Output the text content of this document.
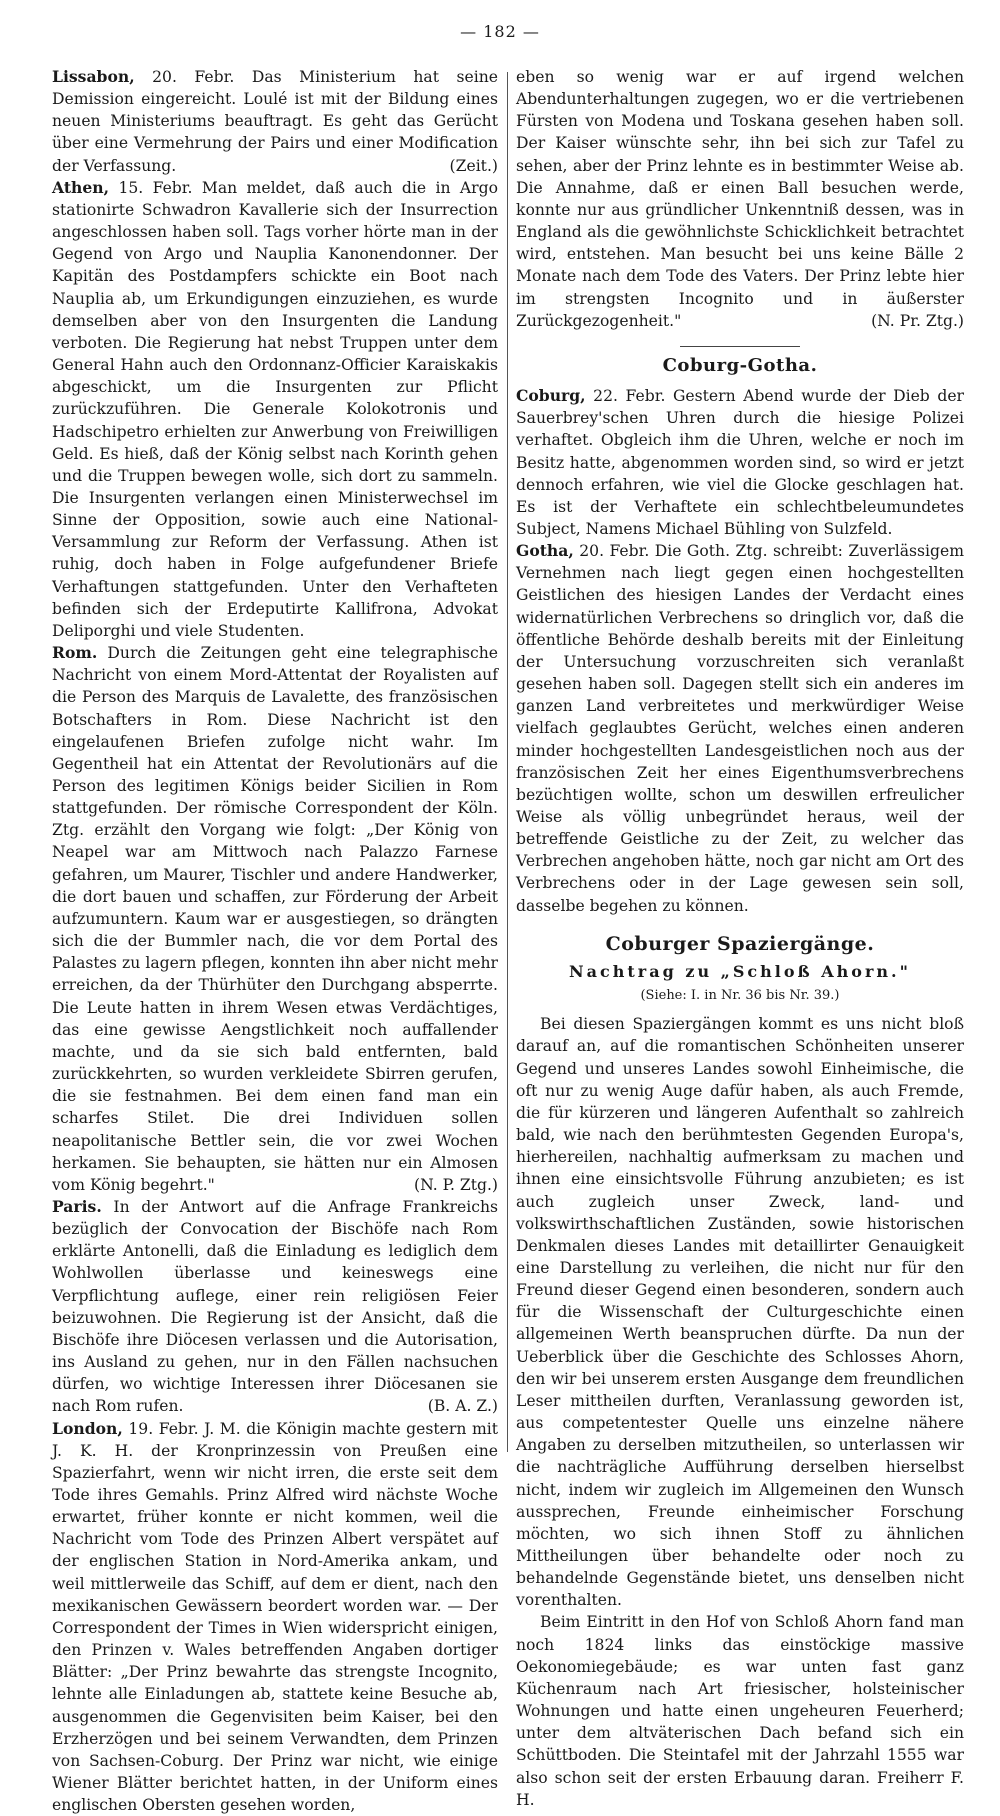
— 182 —

Lissabon, 20. Febr. Das Ministerium hat seine Demission eingereicht. Loulé ist mit der Bildung eines neuen Ministeriums beauftragt. Es geht das Gerücht über eine Vermehrung der Pairs und einer Modification der Verfassung.	(Zeit.)

Athen, 15. Febr. Man meldet, daß auch die in Argo stationirte Schwadron Kavallerie sich der Insurrection angeschlossen haben soll. Tags vorher hörte man in der Gegend von Argo und Nauplia Kanonendonner. Der Kapitän des Postdampfers schickte ein Boot nach Nauplia ab, um Erkundigungen einzuziehen, es wurde demselben aber von den Insurgenten die Landung verboten. Die Regierung hat nebst Truppen unter dem General Hahn auch den Ordonnanz-Officier Karaiskakis abgeschickt, um die Insurgenten zur Pflicht zurückzuführen. Die Generale Kolokotronis und Hadschipetro erhielten zur Anwerbung von Freiwilligen Geld. Es hieß, daß der König selbst nach Korinth gehen und die Truppen bewegen wolle, sich dort zu sammeln. Die Insurgenten verlangen einen Ministerwechsel im Sinne der Opposition, sowie auch eine National-Versammlung zur Reform der Verfassung. Athen ist ruhig, doch haben in Folge aufgefundener Briefe Verhaftungen stattgefunden. Unter den Verhafteten befinden sich der Erdeputirte Kallifrona, Advokat Deliporghi und viele Studenten.

Rom. Durch die Zeitungen geht eine telegraphische Nachricht von einem Mord-Attentat der Royalisten auf die Person des Marquis de Lavalette, des französischen Botschafters in Rom. Diese Nachricht ist den eingelaufenen Briefen zufolge nicht wahr. Im Gegentheil hat ein Attentat der Revolutionärs auf die Person des legitimen Königs beider Sicilien in Rom stattgefunden. Der römische Correspondent der Köln. Ztg. erzählt den Vorgang wie folgt: „Der König von Neapel war am Mittwoch nach Palazzo Farnese gefahren, um Maurer, Tischler und andere Handwerker, die dort bauen und schaffen, zur Förderung der Arbeit aufzumuntern. Kaum war er ausgestiegen, so drängten sich die der Bummler nach, die vor dem Portal des Palastes zu lagern pflegen, konnten ihn aber nicht mehr erreichen, da der Thürhüter den Durchgang absperrte. Die Leute hatten in ihrem Wesen etwas Verdächtiges, das eine gewisse Aengstlichkeit noch auffallender machte, und da sie sich bald entfernten, bald zurückkehrten, so wurden verkleidete Sbirren gerufen, die sie festnahmen. Bei dem einen fand man ein scharfes Stilet. Die drei Individuen sollen neapolitanische Bettler sein, die vor zwei Wochen herkamen. Sie behaupten, sie hätten nur ein Almosen vom König begehrt."	(N. P. Ztg.)

Paris. In der Antwort auf die Anfrage Frankreichs bezüglich der Convocation der Bischöfe nach Rom erklärte Antonelli, daß die Einladung es lediglich dem Wohlwollen überlasse und keineswegs eine Verpflichtung auflege, einer rein religiösen Feier beizuwohnen. Die Regierung ist der Ansicht, daß die Bischöfe ihre Diöcesen verlassen und die Autorisation, ins Ausland zu gehen, nur in den Fällen nachsuchen dürfen, wo wichtige Interessen ihrer Diöcesanen sie nach Rom rufen.	(B. A. Z.)

London, 19. Febr. J. M. die Königin machte gestern mit J. K. H. der Kronprinzessin von Preußen eine Spazierfahrt, wenn wir nicht irren, die erste seit dem Tode ihres Gemahls. Prinz Alfred wird nächste Woche erwartet, früher konnte er nicht kommen, weil die Nachricht vom Tode des Prinzen Albert verspätet auf der englischen Station in Nord-Amerika ankam, und weil mittlerweile das Schiff, auf dem er dient, nach den mexikanischen Gewässern beordert worden war. — Der Correspondent der Times in Wien widerspricht einigen, den Prinzen v. Wales betreffenden Angaben dortiger Blätter: „Der Prinz bewahrte das strengste Incognito, lehnte alle Einladungen ab, stattete keine Besuche ab, ausgenommen die Gegenvisiten beim Kaiser, bei den Erzherzögen und bei seinem Verwandten, dem Prinzen von Sachsen-Coburg. Der Prinz war nicht, wie einige Wiener Blätter berichtet hatten, in der Uniform eines englischen Obersten gesehen worden,

eben so wenig war er auf irgend welchen Abendunterhaltungen zugegen, wo er die vertriebenen Fürsten von Modena und Toskana gesehen haben soll. Der Kaiser wünschte sehr, ihn bei sich zur Tafel zu sehen, aber der Prinz lehnte es in bestimmter Weise ab. Die Annahme, daß er einen Ball besuchen werde, konnte nur aus gründlicher Unkenntniß dessen, was in England als die gewöhnlichste Schicklichkeit betrachtet wird, entstehen. Man besucht bei uns keine Bälle 2 Monate nach dem Tode des Vaters. Der Prinz lebte hier im strengsten Incognito und in äußerster Zurückgezogenheit."	(N. Pr. Ztg.)

Coburg-Gotha.

Coburg, 22. Febr. Gestern Abend wurde der Dieb der Sauerbrey'schen Uhren durch die hiesige Polizei verhaftet. Obgleich ihm die Uhren, welche er noch im Besitz hatte, abgenommen worden sind, so wird er jetzt dennoch erfahren, wie viel die Glocke geschlagen hat. Es ist der Verhaftete ein schlechtbeleumundetes Subject, Namens Michael Bühling von Sulzfeld.

Gotha, 20. Febr. Die Goth. Ztg. schreibt: Zuverlässigem Vernehmen nach liegt gegen einen hochgestellten Geistlichen des hiesigen Landes der Verdacht eines widernatürlichen Verbrechens so dringlich vor, daß die öffentliche Behörde deshalb bereits mit der Einleitung der Untersuchung vorzuschreiten sich veranlaßt gesehen haben soll. Dagegen stellt sich ein anderes im ganzen Land verbreitetes und merkwürdiger Weise vielfach geglaubtes Gerücht, welches einen anderen minder hochgestellten Landesgeistlichen noch aus der französischen Zeit her eines Eigenthumsverbrechens bezüchtigen wollte, schon um deswillen erfreulicher Weise als völlig unbegründet heraus, weil der betreffende Geistliche zu der Zeit, zu welcher das Verbrechen angehoben hätte, noch gar nicht am Ort des Verbrechens oder in der Lage gewesen sein soll, dasselbe begehen zu können.

Coburger Spaziergänge.
Nachtrag zu „Schloß Ahorn."
(Siehe: I. in Nr. 36 bis Nr. 39.)

Bei diesen Spaziergängen kommt es uns nicht bloß darauf an, auf die romantischen Schönheiten unserer Gegend und unseres Landes sowohl Einheimische, die oft nur zu wenig Auge dafür haben, als auch Fremde, die für kürzeren und längeren Aufenthalt so zahlreich bald, wie nach den berühmtesten Gegenden Europa's, hierhereilen, nachhaltig aufmerksam zu machen und ihnen eine einsichtsvolle Führung anzubieten; es ist auch zugleich unser Zweck, land- und volkswirthschaftlichen Zuständen, sowie historischen Denkmalen dieses Landes mit detaillirter Genauigkeit eine Darstellung zu verleihen, die nicht nur für den Freund dieser Gegend einen besonderen, sondern auch für die Wissenschaft der Culturgeschichte einen allgemeinen Werth beanspruchen dürfte. Da nun der Ueberblick über die Geschichte des Schlosses Ahorn, den wir bei unserem ersten Ausgange dem freundlichen Leser mittheilen durften, Veranlassung geworden ist, aus competentester Quelle uns einzelne nähere Angaben zu derselben mitzutheilen, so unterlassen wir die nachträgliche Aufführung derselben hierselbst nicht, indem wir zugleich im Allgemeinen den Wunsch aussprechen, Freunde einheimischer Forschung möchten, wo sich ihnen Stoff zu ähnlichen Mittheilungen über behandelte oder noch zu behandelnde Gegenstände bietet, uns denselben nicht vorenthalten.

Beim Eintritt in den Hof von Schloß Ahorn fand man noch 1824 links das einstöckige massive Oekonomiegebäude; es war unten fast ganz Küchenraum nach Art friesischer, holsteinischer Wohnungen und hatte einen ungeheuren Feuerherd; unter dem altväterischen Dach befand sich ein Schüttboden. Die Steintafel mit der Jahrzahl 1555 war also schon seit der ersten Erbauung daran. Freiherr F. H.
